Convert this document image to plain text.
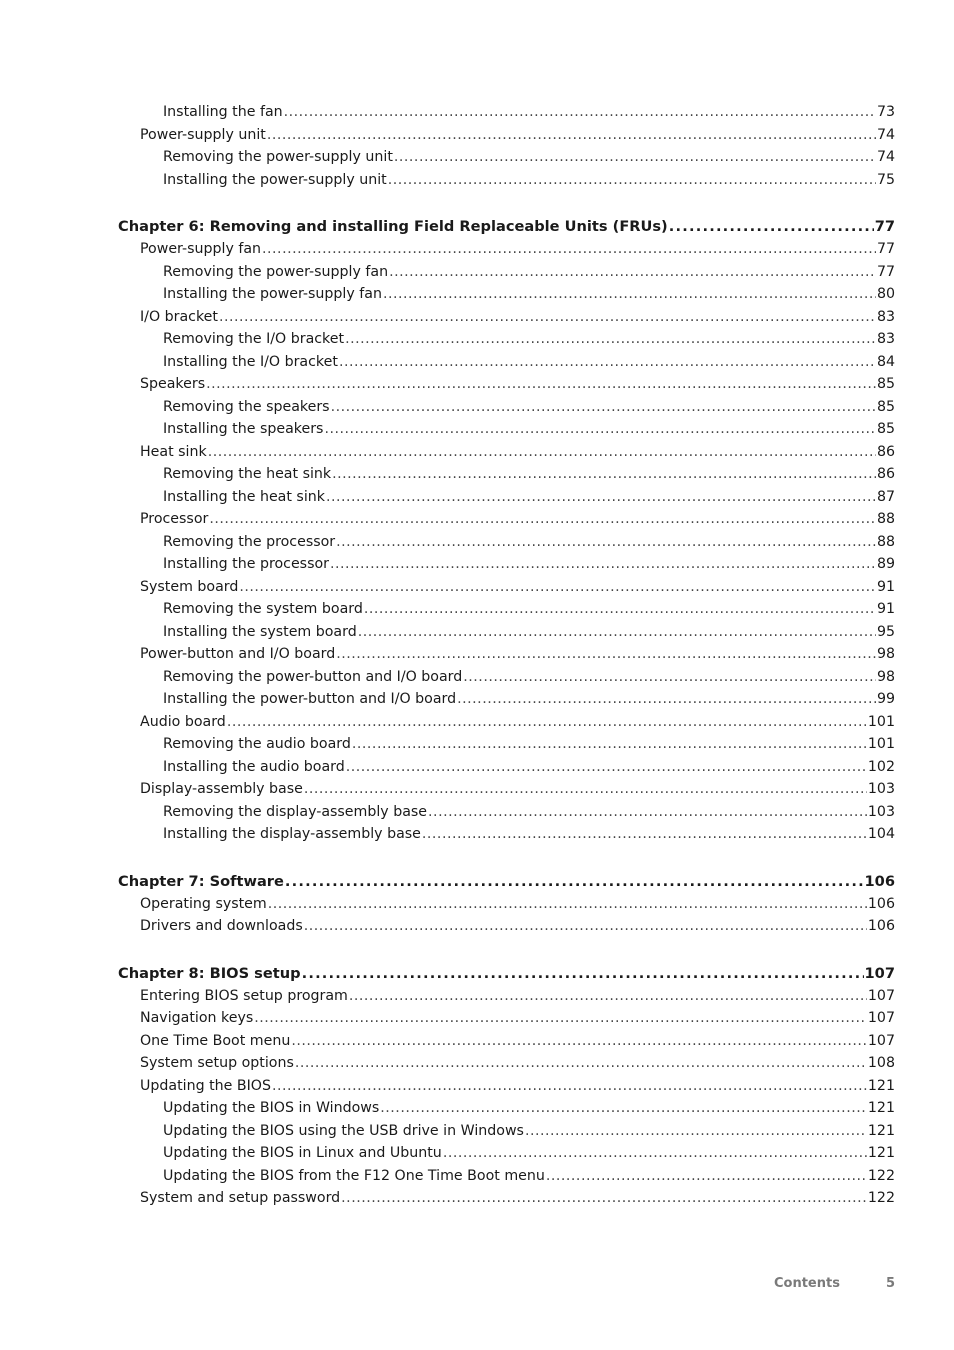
Installing the fan .....	73
Power-supply unit .....	74
Removing the power-supply unit .....	74
Installing the power-supply unit .....	75
Chapter 6: Removing and installing Field Replaceable Units (FRUs) .....	77
Power-supply fan .....	77
Removing the power-supply fan .....	77
Installing the power-supply fan .....	80
I/O bracket .....	83
Removing the I/O bracket .....	83
Installing the I/O bracket .....	84
Speakers .....	85
Removing the speakers .....	85
Installing the speakers .....	85
Heat sink .....	86
Removing the heat sink .....	86
Installing the heat sink .....	87
Processor .....	88
Removing the processor .....	88
Installing the processor .....	89
System board .....	91
Removing the system board .....	91
Installing the system board .....	95
Power-button and I/O board .....	98
Removing the power-button and I/O board .....	98
Installing the power-button and I/O board .....	99
Audio board .....	101
Removing the audio board .....	101
Installing the audio board .....	102
Display-assembly base .....	103
Removing the display-assembly base .....	103
Installing the display-assembly base .....	104
Chapter 7: Software .....	106
Operating system .....	106
Drivers and downloads .....	106
Chapter 8: BIOS setup .....	107
Entering BIOS setup program .....	107
Navigation keys .....	107
One Time Boot menu .....	107
System setup options .....	108
Updating the BIOS .....	121
Updating the BIOS in Windows .....	121
Updating the BIOS using the USB drive in Windows .....	121
Updating the BIOS in Linux and Ubuntu .....	121
Updating the BIOS from the F12 One Time Boot menu .....	122
System and setup password .....	122
Contents	5
